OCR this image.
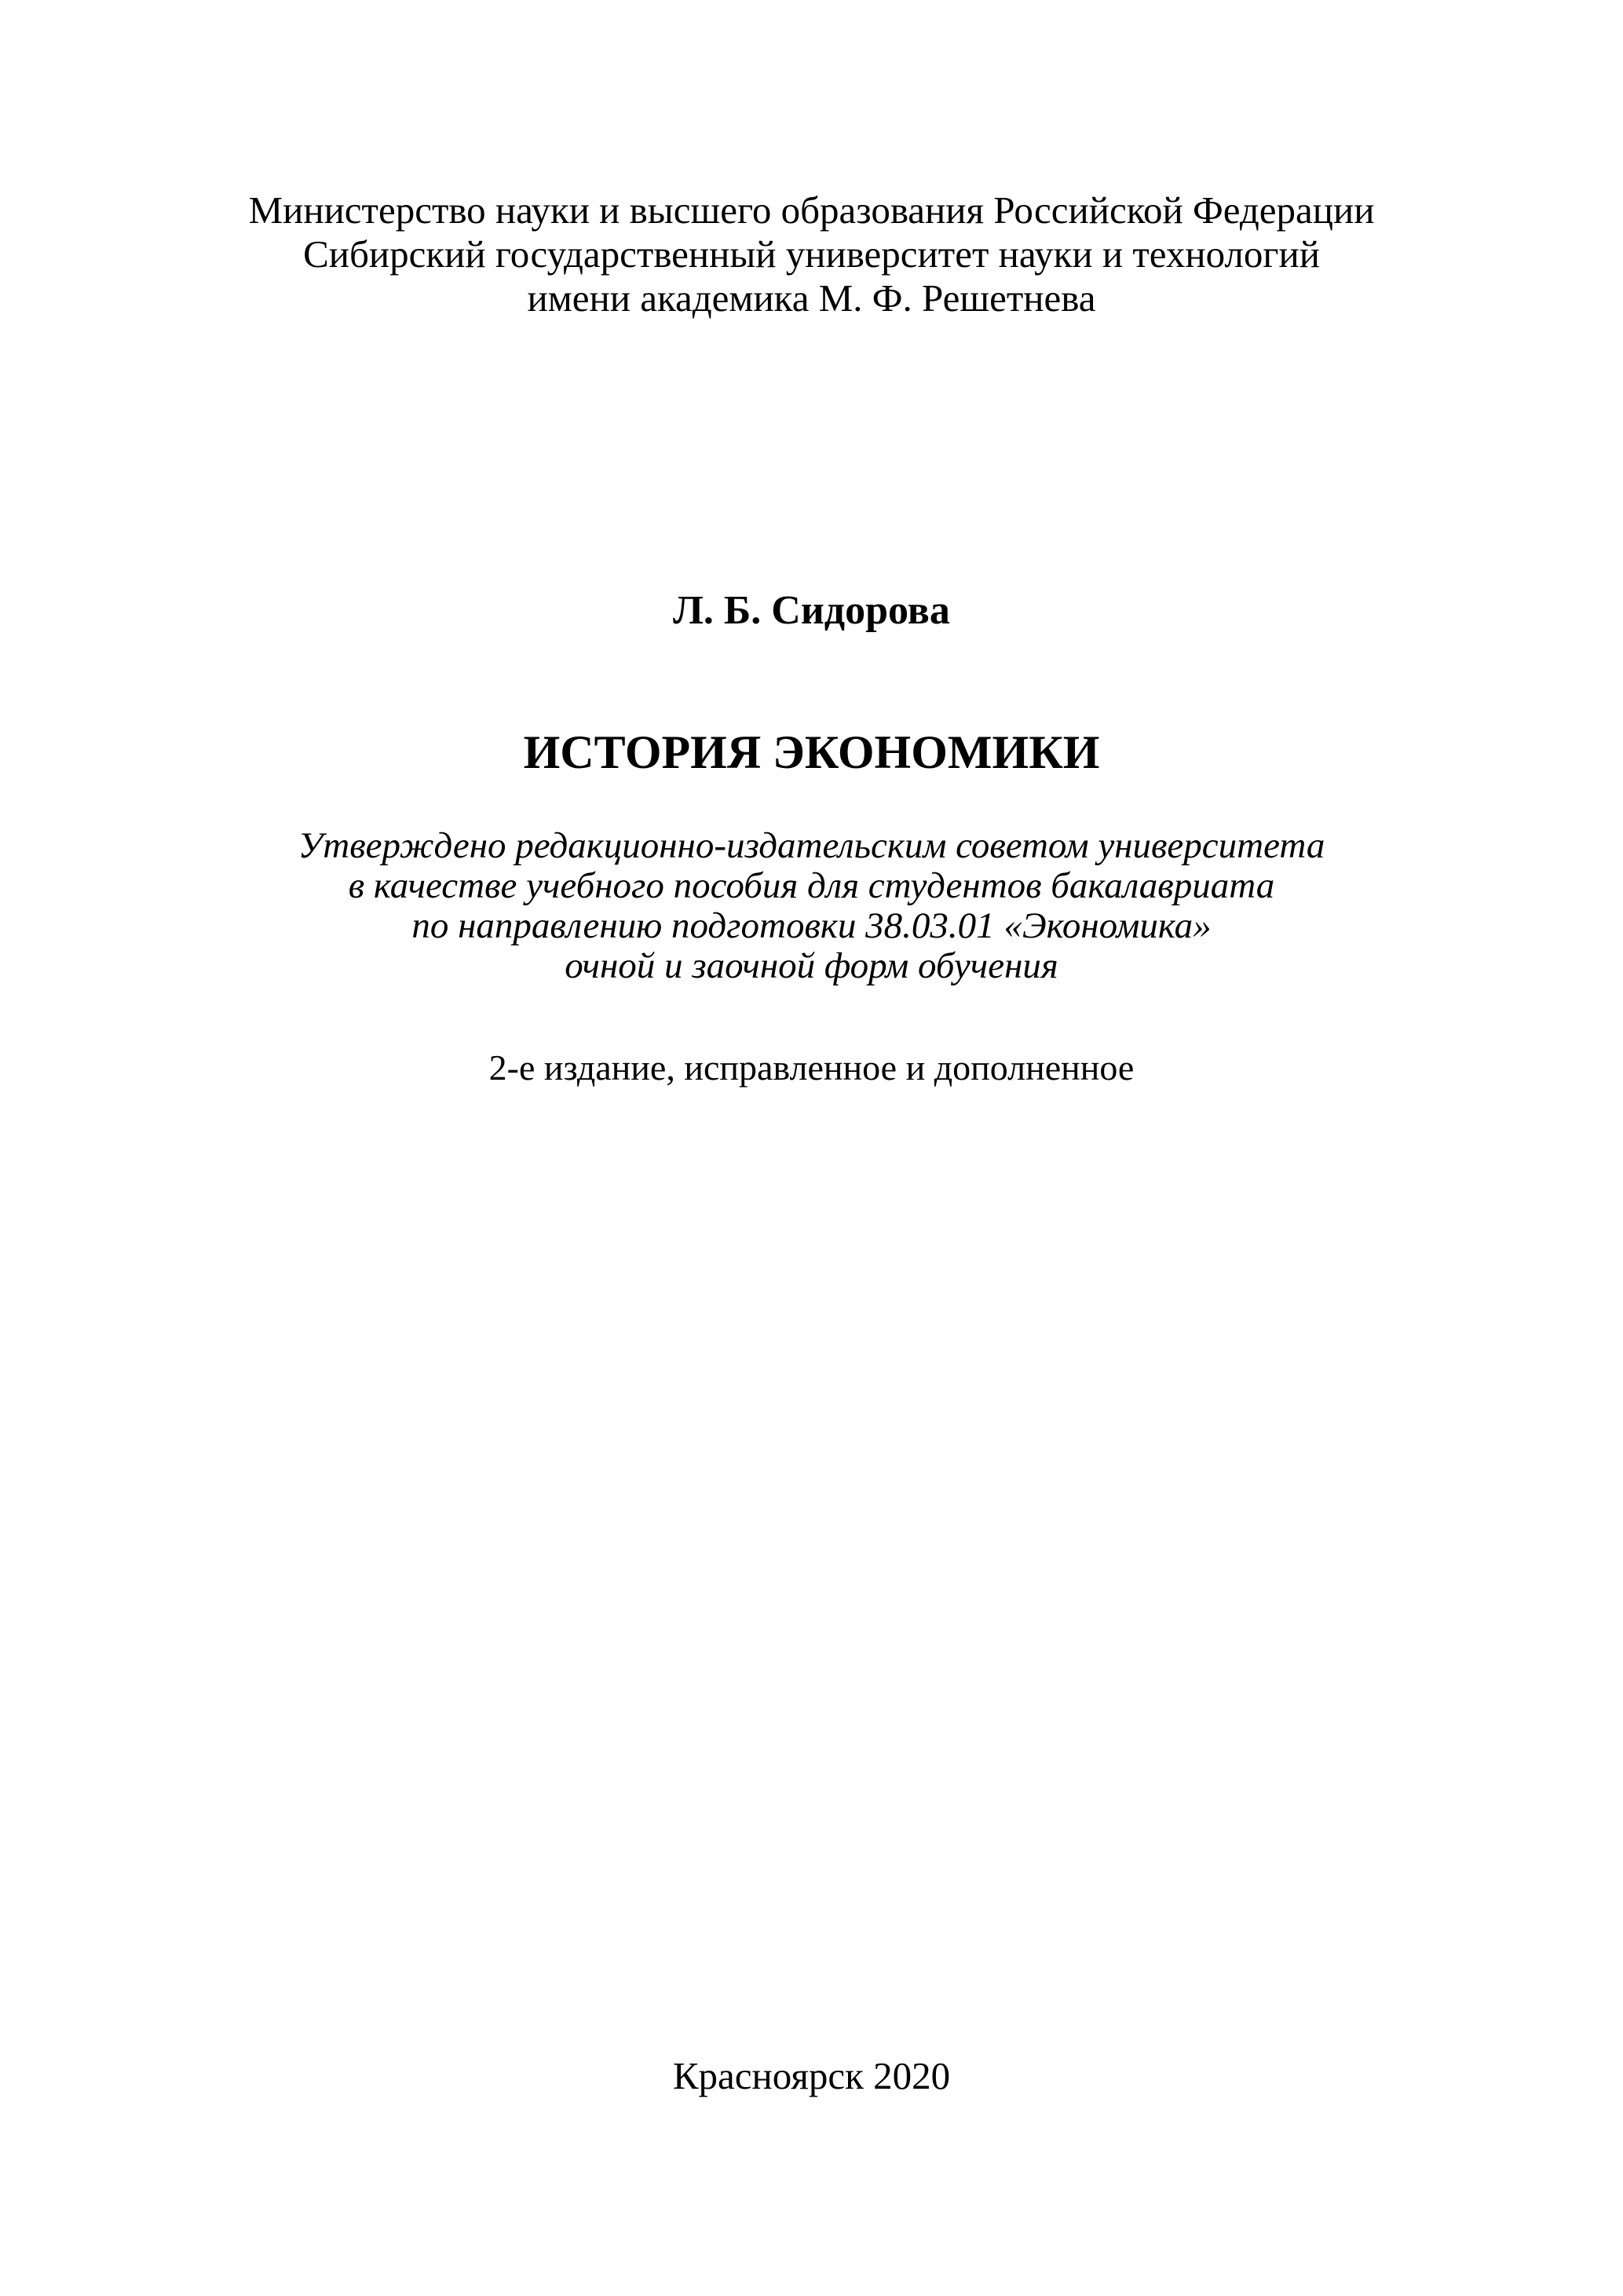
Министерство науки и высшего образования Российской Федерации
Сибирский государственный университет науки и технологий
имени академика М. Ф. Решетнева
Л. Б. Сидорова
ИСТОРИЯ ЭКОНОМИКИ
Утверждено редакционно-издательским советом университета
в качестве учебного пособия для студентов бакалавриата
по направлению подготовки 38.03.01 «Экономика»
очной и заочной форм обучения
2-е издание, исправленное и дополненное
Красноярск 2020
